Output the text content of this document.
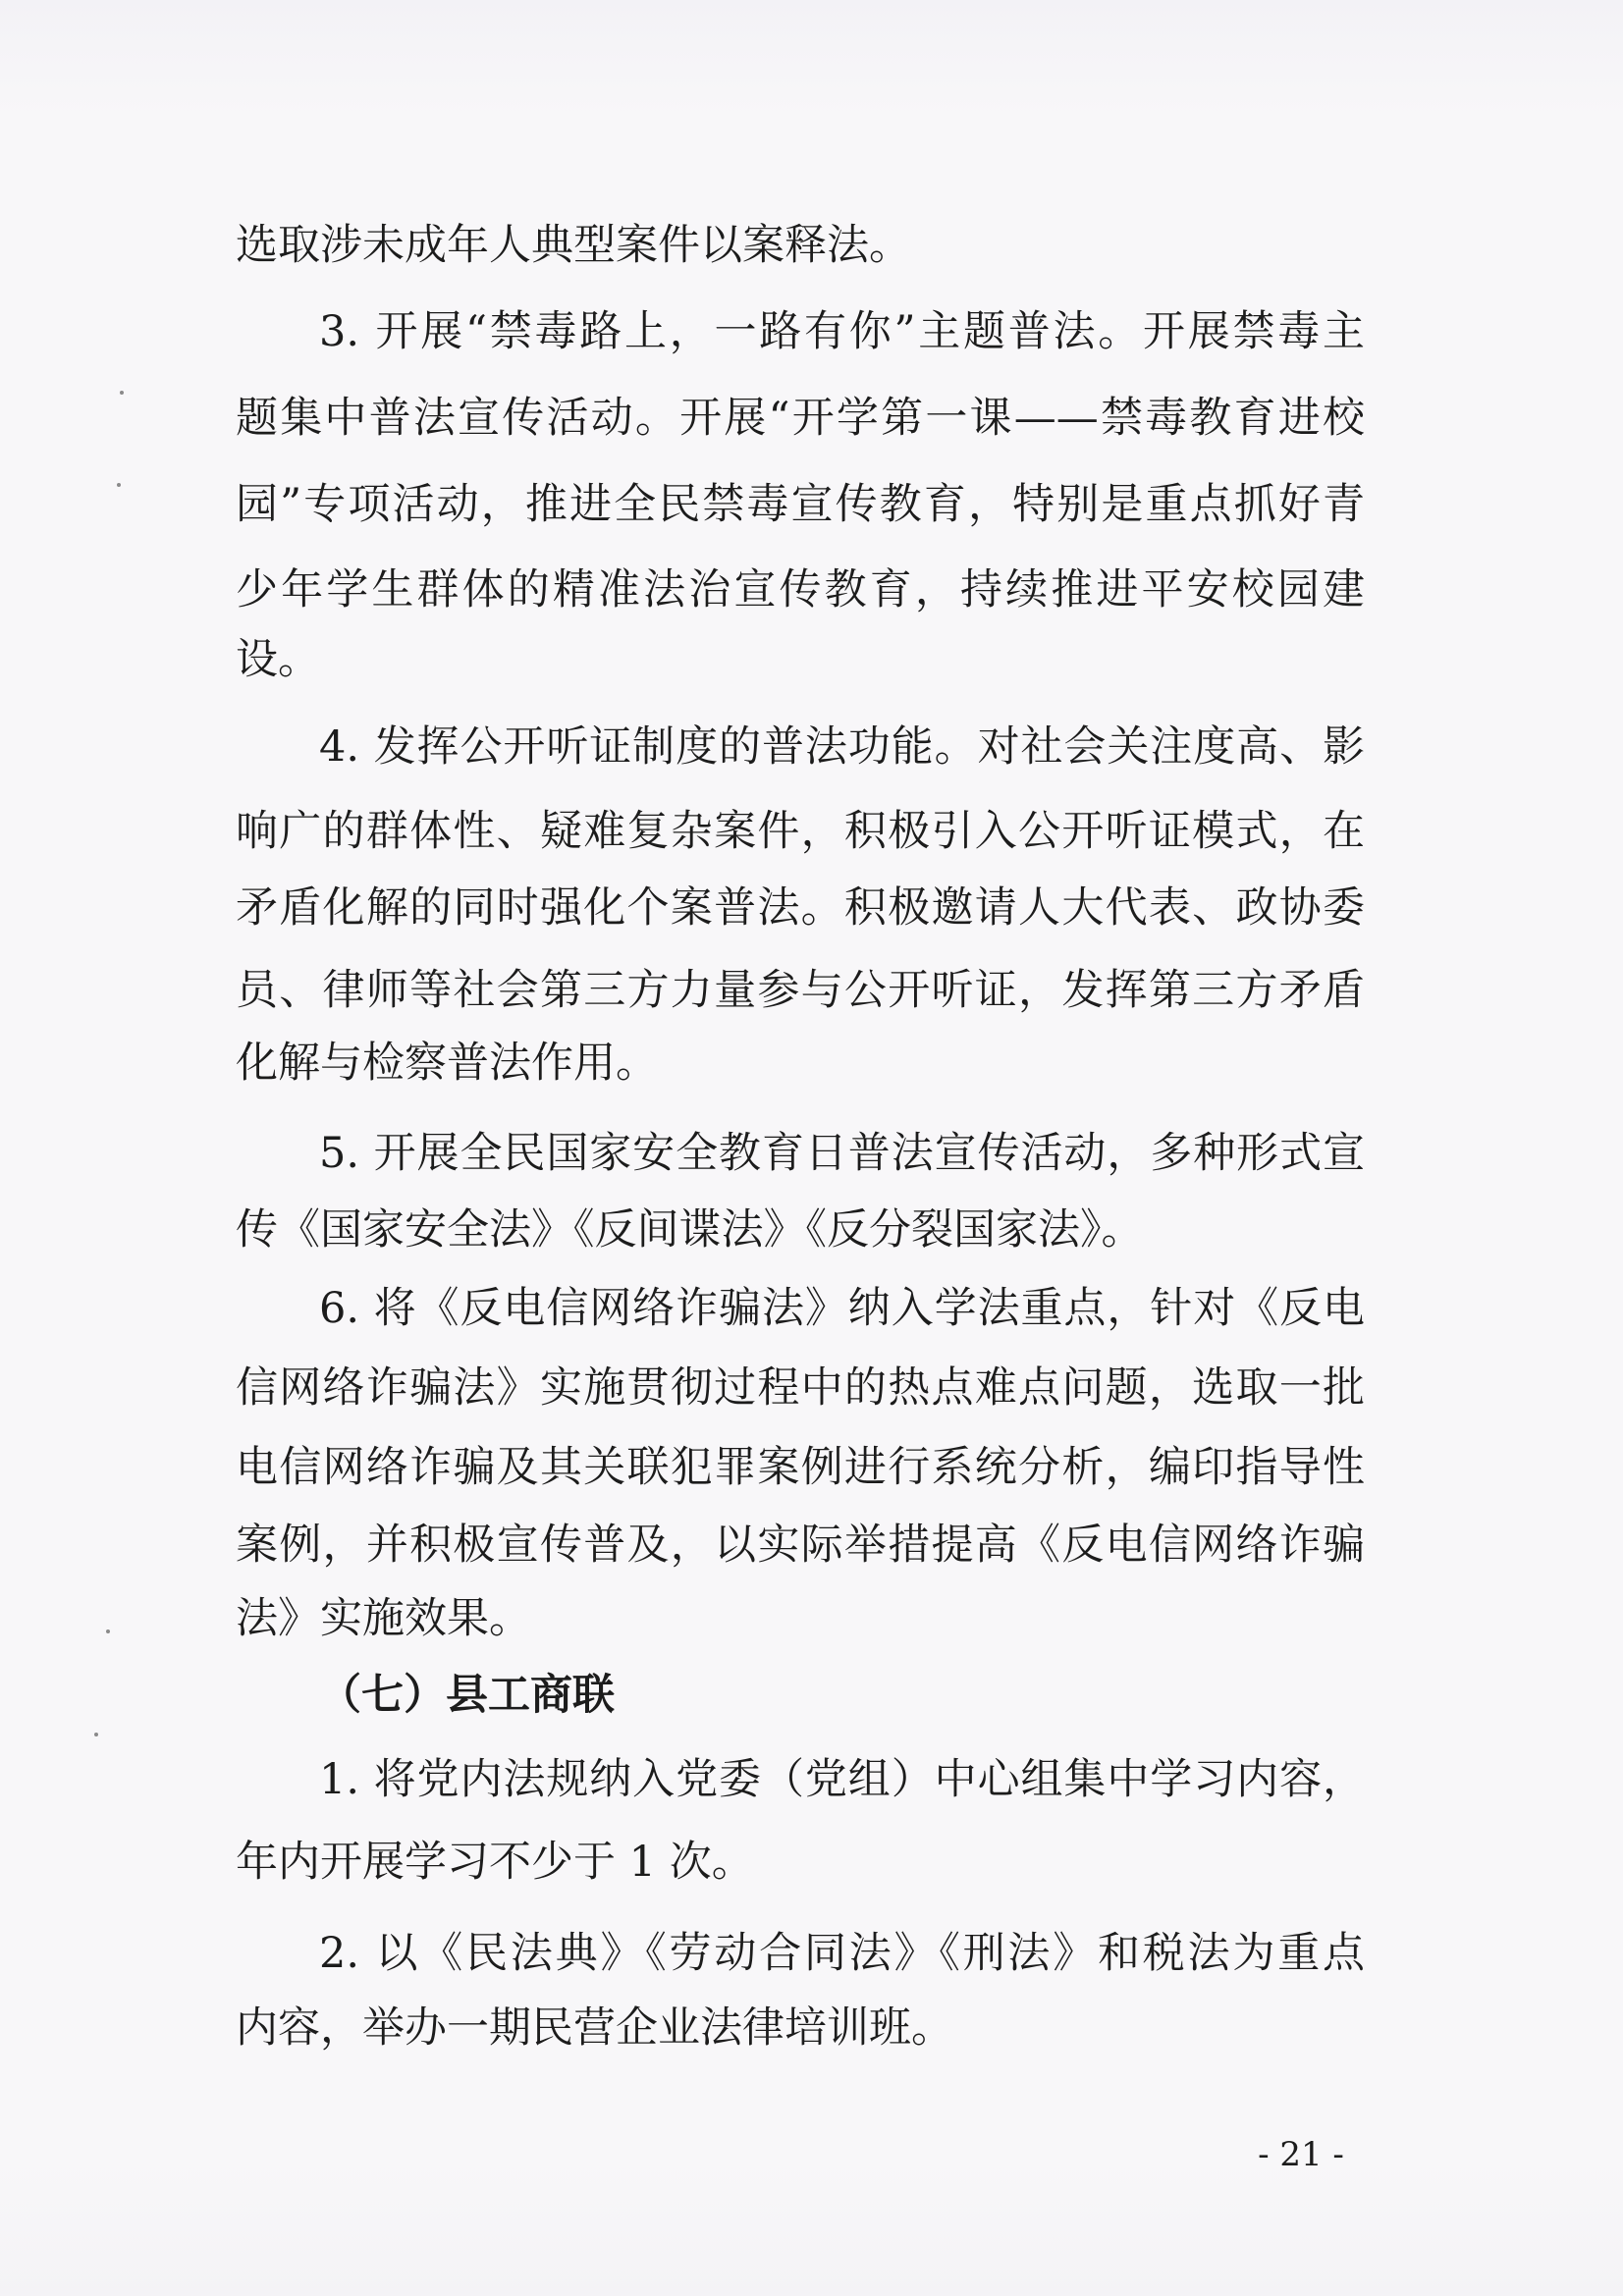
选取涉未成年人典型案件以案释法。
3. 开展“禁毒路上，一路有你”主题普法。开展禁毒主
题集中普法宣传活动。开展“开学第一课——禁毒教育进校
园”专项活动，推进全民禁毒宣传教育，特别是重点抓好青
少年学生群体的精准法治宣传教育，持续推进平安校园建
设。
4. 发挥公开听证制度的普法功能。对社会关注度高、影
响广的群体性、疑难复杂案件，积极引入公开听证模式，在
矛盾化解的同时强化个案普法。积极邀请人大代表、政协委
员、律师等社会第三方力量参与公开听证，发挥第三方矛盾
化解与检察普法作用。
5. 开展全民国家安全教育日普法宣传活动，多种形式宣
传《国家安全法》《反间谍法》《反分裂国家法》。
6. 将《反电信网络诈骗法》纳入学法重点，针对《反电
信网络诈骗法》实施贯彻过程中的热点难点问题，选取一批
电信网络诈骗及其关联犯罪案例进行系统分析，编印指导性
案例，并积极宣传普及，以实际举措提高《反电信网络诈骗
法》实施效果。
（七）县工商联
1. 将党内法规纳入党委（党组）中心组集中学习内容，
年内开展学习不少于 1 次。
2. 以《民法典》《劳动合同法》《刑法》和税法为重点
内容，举办一期民营企业法律培训班。
- 21 -
